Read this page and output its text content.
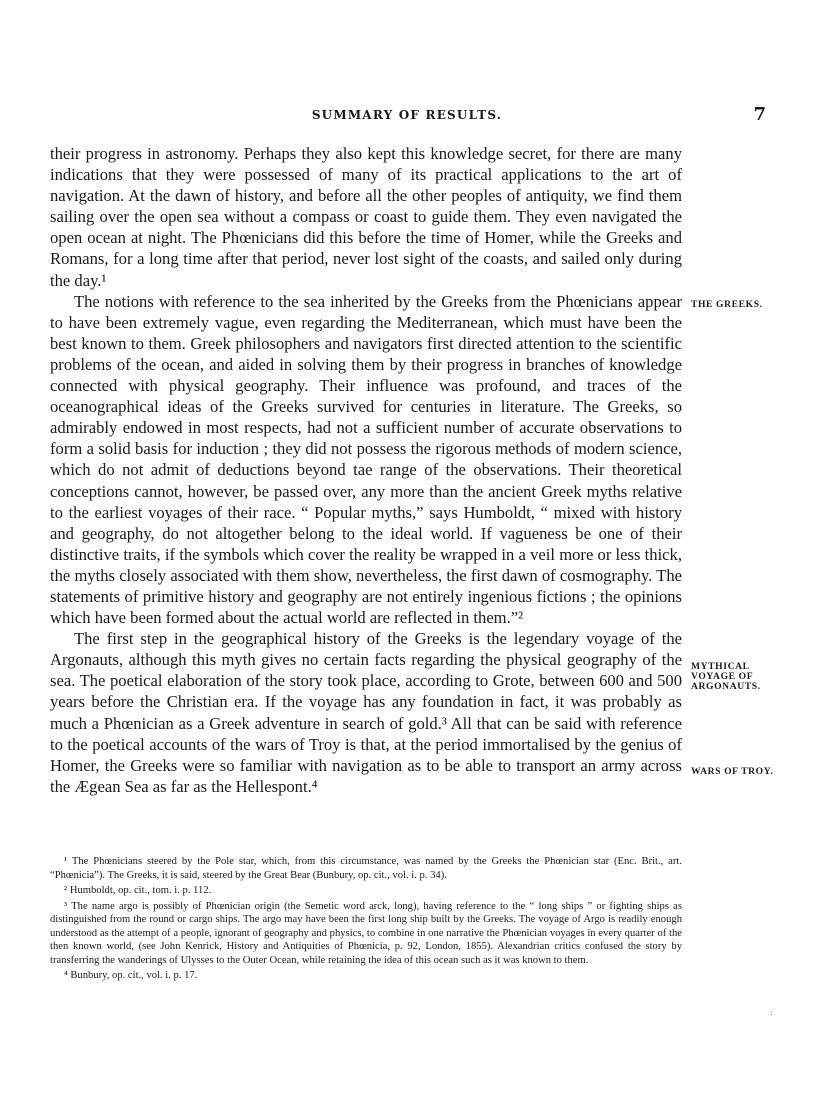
SUMMARY OF RESULTS.	7

their progress in astronomy. Perhaps they also kept this knowledge secret, for there are many indications that they were possessed of many of its practical applications to the art of navigation. At the dawn of history, and before all the other peoples of antiquity, we find them sailing over the open sea without a compass or coast to guide them. They even navigated the open ocean at night. The Phœnicians did this before the time of Homer, while the Greeks and Romans, for a long time after that period, never lost sight of the coasts, and sailed only during the day.¹

The notions with reference to the sea inherited by the Greeks from the Phœnicians appear to have been extremely vague, even regarding the Mediterranean, which must have been the best known to them. Greek philosophers and navigators first directed attention to the scientific problems of the ocean, and aided in solving them by their progress in branches of knowledge connected with physical geography. Their influence was profound, and traces of the oceanographical ideas of the Greeks survived for centuries in literature. The Greeks, so admirably endowed in most respects, had not a sufficient number of accurate observations to form a solid basis for induction ; they did not possess the rigorous methods of modern science, which do not admit of deductions beyond tae range of the observations. Their theoretical conceptions cannot, however, be passed over, any more than the ancient Greek myths relative to the earliest voyages of their race. “ Popular myths,” says Humboldt, “ mixed with history and geography, do not altogether belong to the ideal world. If vagueness be one of their distinctive traits, if the symbols which cover the reality be wrapped in a veil more or less thick, the myths closely associated with them show, nevertheless, the first dawn of cosmography. The statements of primitive history and geography are not entirely ingenious fictions ; the opinions which have been formed about the actual world are reflected in them.”²

The first step in the geographical history of the Greeks is the legendary voyage of the Argonauts, although this myth gives no certain facts regarding the physical geography of the sea. The poetical elaboration of the story took place, according to Grote, between 600 and 500 years before the Christian era. If the voyage has any foundation in fact, it was probably as much a Phœnician as a Greek adventure in search of gold.³ All that can be said with reference to the poetical accounts of the wars of Troy is that, at the period immortalised by the genius of Homer, the Greeks were so familiar with navigation as to be able to transport an army across the Ægean Sea as far as the Hellespont.⁴

THE GREEKS.
MYTHICAL
VOYAGE OF
ARGONAUTS.
WARS OF TROY.

¹ The Phœnicians steered by the Pole star, which, from this circumstance, was named by the Greeks the Phœnician star (Enc. Brit., art. “Phœnicia”). The Greeks, it is said, steered by the Great Bear (Bunbury, op. cit., vol. i. p. 34).

² Humboldt, op. cit., tom. i. p. 112.

³ The name argo is possibly of Phœnician origin (the Semetic word arck, long), having reference to the “ long ships ” or fighting ships as distinguished from the round or cargo ships. The argo may have been the first long ship built by the Greeks. The voyage of Argo is readily enough understood as the attempt of a people, ignorant of geography and physics, to combine in one narrative the Phœnician voyages in every quarter of the then known world, (see John Kenrick, History and Antiquities of Phœnicia, p. 92, London, 1855). Alexandrian critics confused the story by transferring the wanderings of Ulysses to the Outer Ocean, while retaining the idea of this ocean such as it was known to them.

⁴ Bunbury, op. cit., vol. i. p. 17.

:
